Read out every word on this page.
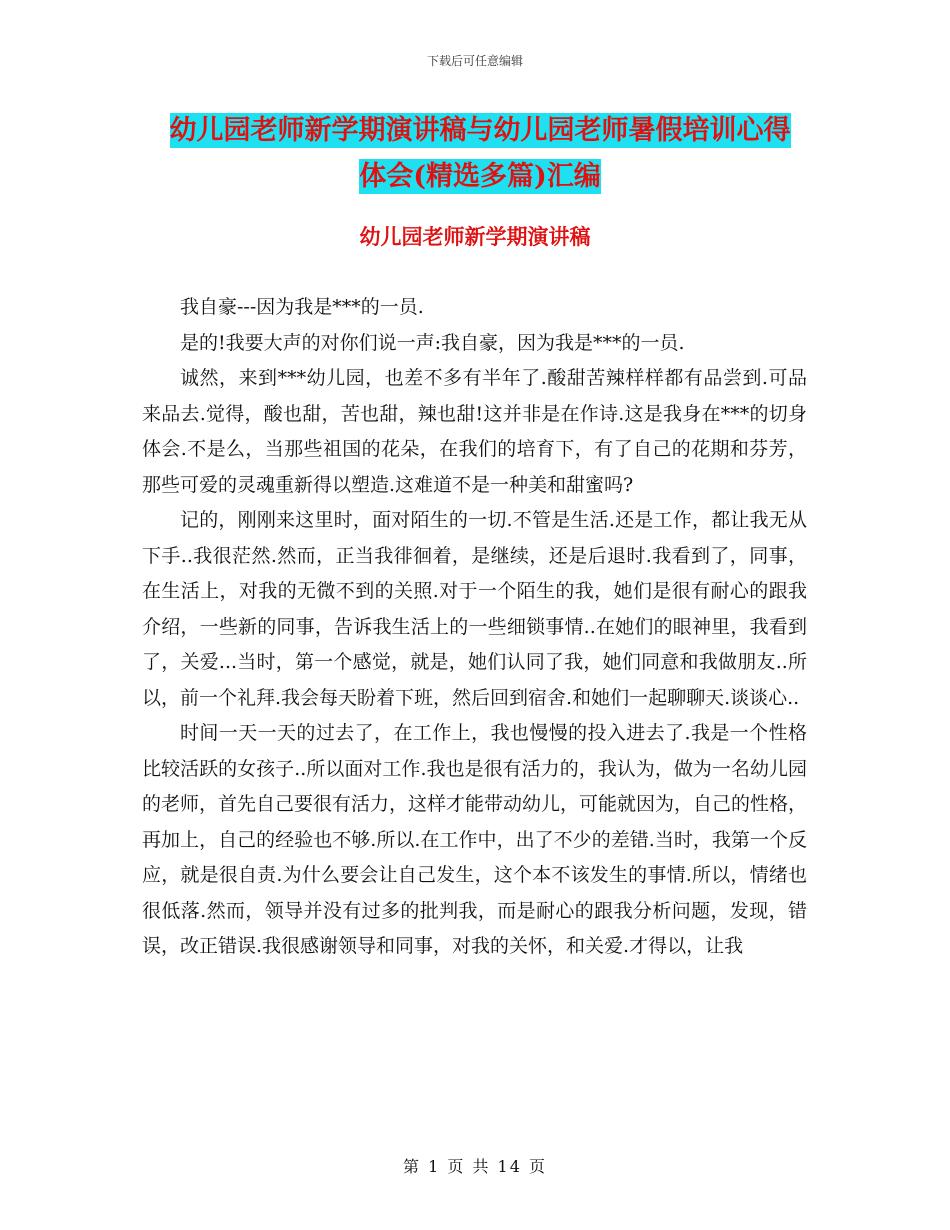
下载后可任意编辑
幼儿园老师新学期演讲稿与幼儿园老师暑假培训心得
体会(精选多篇)汇编
幼儿园老师新学期演讲稿

我自豪---因为我是***的一员.

是的!我要大声的对你们说一声:我自豪，因为我是***的一员.

诚然，来到***幼儿园，也差不多有半年了.酸甜苦辣样样都有品尝到.可品来品去.觉得，酸也甜，苦也甜，辣也甜!这并非是在作诗.这是我身在***的切身体会.不是么，当那些祖国的花朵，在我们的培育下，有了自己的花期和芬芳，那些可爱的灵魂重新得以塑造.这难道不是一种美和甜蜜吗?

记的，刚刚来这里时，面对陌生的一切.不管是生活.还是工作，都让我无从下手..我很茫然.然而，正当我徘徊着，是继续，还是后退时.我看到了，同事，在生活上，对我的无微不到的关照.对于一个陌生的我，她们是很有耐心的跟我介绍，一些新的同事，告诉我生活上的一些细锁事情..在她们的眼神里，我看到了，关爱...当时，第一个感觉，就是，她们认同了我，她们同意和我做朋友..所以，前一个礼拜.我会每天盼着下班，然后回到宿舍.和她们一起聊聊天.谈谈心..

时间一天一天的过去了，在工作上，我也慢慢的投入进去了.我是一个性格比较活跃的女孩子..所以面对工作.我也是很有活力的，我认为，做为一名幼儿园的老师，首先自己要很有活力，这样才能带动幼儿，可能就因为，自己的性格，再加上，自己的经验也不够.所以.在工作中，出了不少的差错.当时，我第一个反应，就是很自责.为什么要会让自己发生，这个本不该发生的事情.所以，情绪也很低落.然而，领导并没有过多的批判我，而是耐心的跟我分析问题，发现，错误，改正错误.我很感谢领导和同事，对我的关怀，和关爱.才得以，让我

第 1 页 共 14 页
